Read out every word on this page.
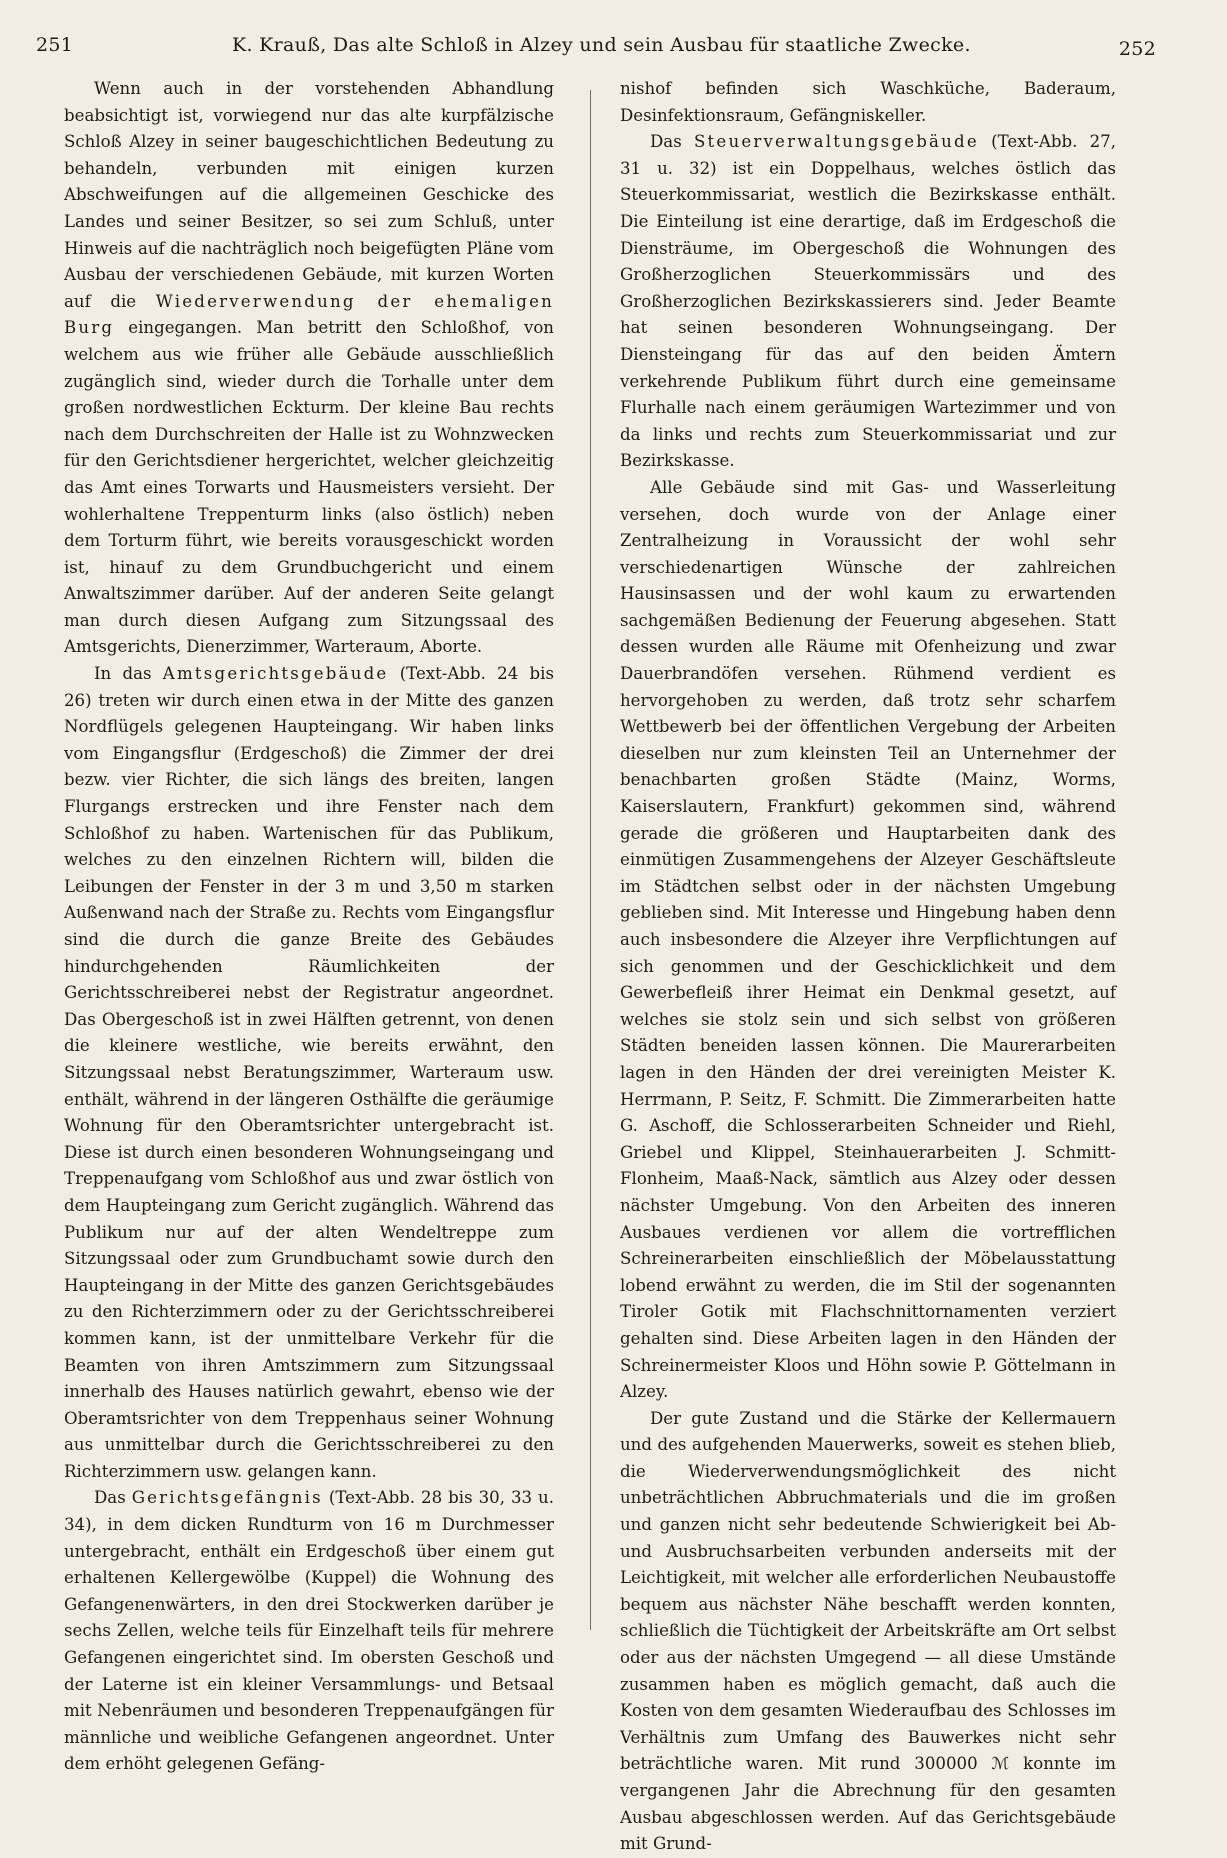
251	K. Krauß, Das alte Schloß in Alzey und sein Ausbau für staatliche Zwecke.	252

Wenn auch in der vorstehenden Abhandlung beabsichtigt ist, vorwiegend nur das alte kurpfälzische Schloß Alzey in seiner baugeschichtlichen Bedeutung zu behandeln, verbunden mit einigen kurzen Abschweifungen auf die allgemeinen Geschicke des Landes und seiner Besitzer, so sei zum Schluß, unter Hinweis auf die nachträglich noch beigefügten Pläne vom Ausbau der verschiedenen Gebäude, mit kurzen Worten auf die Wiederverwendung der ehemaligen Burg eingegangen. Man betritt den Schloßhof, von welchem aus wie früher alle Gebäude ausschließlich zugänglich sind, wieder durch die Torhalle unter dem großen nordwestlichen Eckturm. Der kleine Bau rechts nach dem Durchschreiten der Halle ist zu Wohnzwecken für den Gerichtsdiener hergerichtet, welcher gleichzeitig das Amt eines Torwarts und Hausmeisters versieht. Der wohlerhaltene Treppenturm links (also östlich) neben dem Torturm führt, wie bereits vorausgeschickt worden ist, hinauf zu dem Grundbuchgericht und einem Anwaltszimmer darüber. Auf der anderen Seite gelangt man durch diesen Aufgang zum Sitzungssaal des Amtsgerichts, Dienerzimmer, Warteraum, Aborte.

In das Amtsgerichtsgebäude (Text-Abb. 24 bis 26) treten wir durch einen etwa in der Mitte des ganzen Nordflügels gelegenen Haupteingang. Wir haben links vom Eingangsflur (Erdgeschoß) die Zimmer der drei bezw. vier Richter, die sich längs des breiten, langen Flurgangs erstrecken und ihre Fenster nach dem Schloßhof zu haben. Wartenischen für das Publikum, welches zu den einzelnen Richtern will, bilden die Leibungen der Fenster in der 3 m und 3,50 m starken Außenwand nach der Straße zu. Rechts vom Eingangsflur sind die durch die ganze Breite des Gebäudes hindurchgehenden Räumlichkeiten der Gerichtsschreiberei nebst der Registratur angeordnet. Das Obergeschoß ist in zwei Hälften getrennt, von denen die kleinere westliche, wie bereits erwähnt, den Sitzungssaal nebst Beratungszimmer, Warteraum usw. enthält, während in der längeren Osthälfte die geräumige Wohnung für den Oberamtsrichter untergebracht ist. Diese ist durch einen besonderen Wohnungseingang und Treppenaufgang vom Schloßhof aus und zwar östlich von dem Haupteingang zum Gericht zugänglich. Während das Publikum nur auf der alten Wendeltreppe zum Sitzungssaal oder zum Grundbuchamt sowie durch den Haupteingang in der Mitte des ganzen Gerichtsgebäudes zu den Richterzimmern oder zu der Gerichtsschreiberei kommen kann, ist der unmittelbare Verkehr für die Beamten von ihren Amtszimmern zum Sitzungssaal innerhalb des Hauses natürlich gewahrt, ebenso wie der Oberamtsrichter von dem Treppenhaus seiner Wohnung aus unmittelbar durch die Gerichtsschreiberei zu den Richterzimmern usw. gelangen kann.

Das Gerichtsgefängnis (Text-Abb. 28 bis 30, 33 u. 34), in dem dicken Rundturm von 16 m Durchmesser untergebracht, enthält ein Erdgeschoß über einem gut erhaltenen Kellergewölbe (Kuppel) die Wohnung des Gefangenenwärters, in den drei Stockwerken darüber je sechs Zellen, welche teils für Einzelhaft teils für mehrere Gefangenen eingerichtet sind. Im obersten Geschoß und der Laterne ist ein kleiner Versammlungs- und Betsaal mit Nebenräumen und besonderen Treppenaufgängen für männliche und weibliche Gefangenen angeordnet. Unter dem erhöht gelegenen Gefäng-

nishof befinden sich Waschküche, Baderaum, Desinfektionsraum, Gefängniskeller.

Das Steuerverwaltungsgebäude (Text-Abb. 27, 31 u. 32) ist ein Doppelhaus, welches östlich das Steuerkommissariat, westlich die Bezirkskasse enthält. Die Einteilung ist eine derartige, daß im Erdgeschoß die Diensträume, im Obergeschoß die Wohnungen des Großherzoglichen Steuerkommissärs und des Großherzoglichen Bezirkskassierers sind. Jeder Beamte hat seinen besonderen Wohnungseingang. Der Diensteingang für das auf den beiden Ämtern verkehrende Publikum führt durch eine gemeinsame Flurhalle nach einem geräumigen Wartezimmer und von da links und rechts zum Steuerkommissariat und zur Bezirkskasse.

Alle Gebäude sind mit Gas- und Wasserleitung versehen, doch wurde von der Anlage einer Zentralheizung in Voraussicht der wohl sehr verschiedenartigen Wünsche der zahlreichen Hausinsassen und der wohl kaum zu erwartenden sachgemäßen Bedienung der Feuerung abgesehen. Statt dessen wurden alle Räume mit Ofenheizung und zwar Dauerbrandöfen versehen. Rühmend verdient es hervorgehoben zu werden, daß trotz sehr scharfem Wettbewerb bei der öffentlichen Vergebung der Arbeiten dieselben nur zum kleinsten Teil an Unternehmer der benachbarten großen Städte (Mainz, Worms, Kaiserslautern, Frankfurt) gekommen sind, während gerade die größeren und Hauptarbeiten dank des einmütigen Zusammengehens der Alzeyer Geschäftsleute im Städtchen selbst oder in der nächsten Umgebung geblieben sind. Mit Interesse und Hingebung haben denn auch insbesondere die Alzeyer ihre Verpflichtungen auf sich genommen und der Geschicklichkeit und dem Gewerbefleiß ihrer Heimat ein Denkmal gesetzt, auf welches sie stolz sein und sich selbst von größeren Städten beneiden lassen können. Die Maurerarbeiten lagen in den Händen der drei vereinigten Meister K. Herrmann, P. Seitz, F. Schmitt. Die Zimmerarbeiten hatte G. Aschoff, die Schlosserarbeiten Schneider und Riehl, Griebel und Klippel, Steinhauerarbeiten J. Schmitt-Flonheim, Maaß-Nack, sämtlich aus Alzey oder dessen nächster Umgebung. Von den Arbeiten des inneren Ausbaues verdienen vor allem die vortrefflichen Schreinerarbeiten einschließlich der Möbelausstattung lobend erwähnt zu werden, die im Stil der sogenannten Tiroler Gotik mit Flachschnittornamenten verziert gehalten sind. Diese Arbeiten lagen in den Händen der Schreinermeister Kloos und Höhn sowie P. Göttelmann in Alzey.

Der gute Zustand und die Stärke der Kellermauern und des aufgehenden Mauerwerks, soweit es stehen blieb, die Wiederverwendungsmöglichkeit des nicht unbeträchtlichen Abbruchmaterials und die im großen und ganzen nicht sehr bedeutende Schwierigkeit bei Ab- und Ausbruchsarbeiten verbunden anderseits mit der Leichtigkeit, mit welcher alle erforderlichen Neubaustoffe bequem aus nächster Nähe beschafft werden konnten, schließlich die Tüchtigkeit der Arbeitskräfte am Ort selbst oder aus der nächsten Umgegend — all diese Umstände zusammen haben es möglich gemacht, daß auch die Kosten von dem gesamten Wiederaufbau des Schlosses im Verhältnis zum Umfang des Bauwerkes nicht sehr beträchtliche waren. Mit rund 300000 ℳ konnte im vergangenen Jahr die Abrechnung für den gesamten Ausbau abgeschlossen werden. Auf das Gerichtsgebäude mit Grund-
